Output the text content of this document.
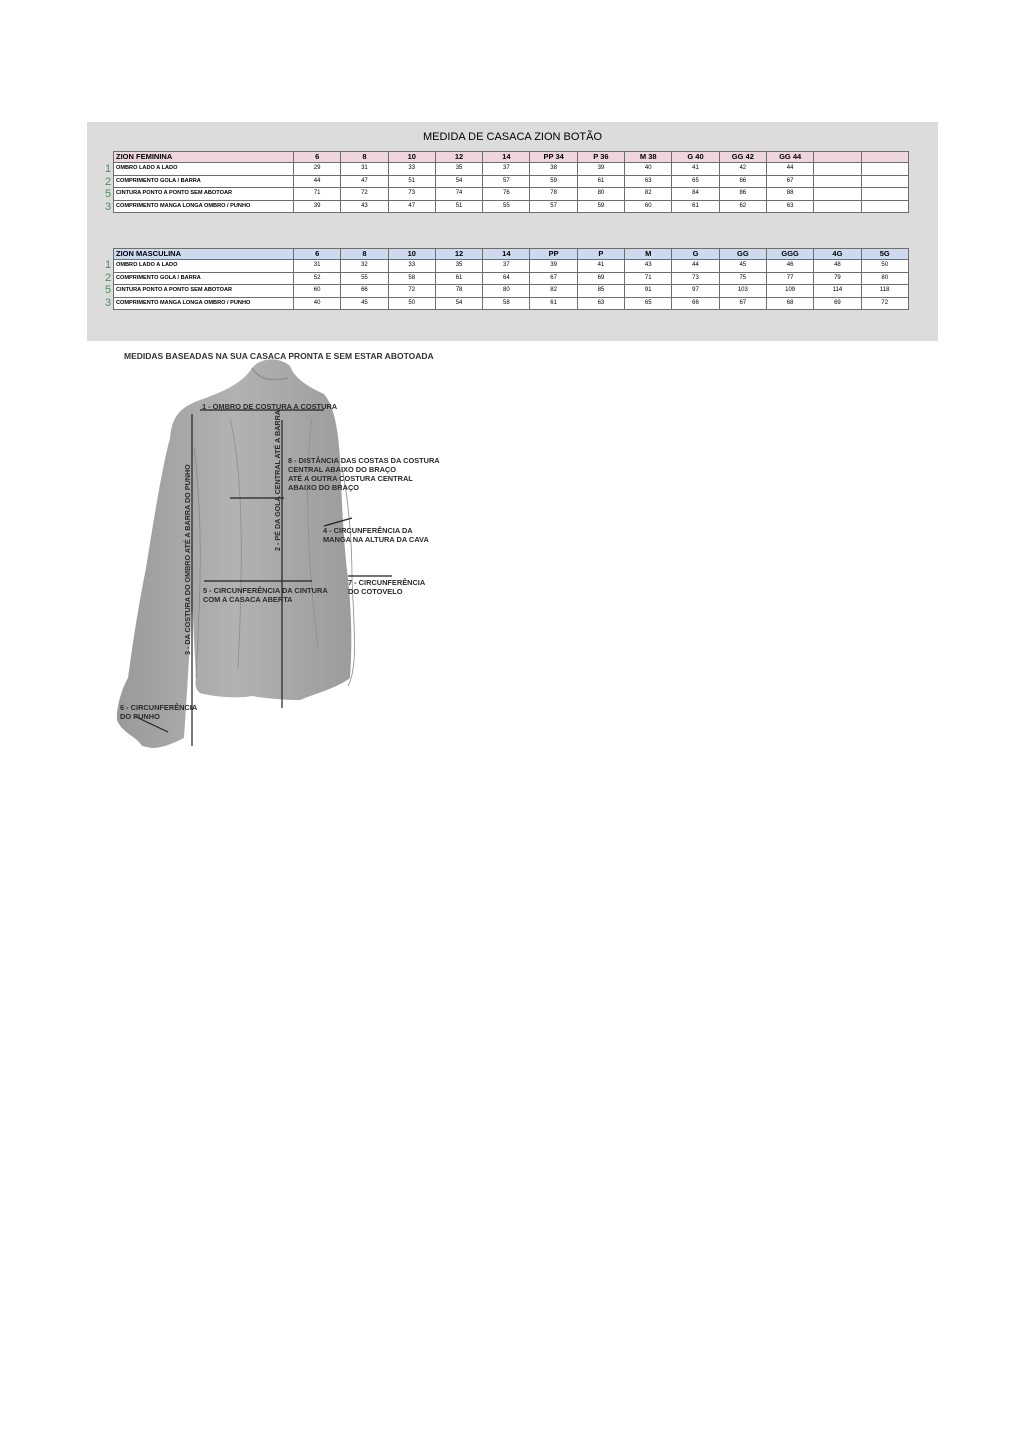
MEDIDA DE CASACA ZION BOTÃO
1
2
5
3
ZION FEMININA	6	8	10	12	14	PP 34	P 36	M 38	G 40	GG 42	GG 44		
OMBRO LADO A LADO	29	31	33	35	37	38	39	40	41	42	44		
COMPRIMENTO GOLA / BARRA	44	47	51	54	57	59	61	63	65	66	67		
CINTURA PONTO A PONTO SEM ABOTOAR	71	72	73	74	76	78	80	82	84	86	88		
COMPRIMENTO MANGA LONGA OMBRO / PUNHO	39	43	47	51	55	57	59	60	61	62	63		
1
2
5
3
ZION MASCULINA	6	8	10	12	14	PP	P	M	G	GG	GGG	4G	5G
OMBRO LADO A LADO	31	32	33	35	37	39	41	43	44	45	46	48	50
COMPRIMENTO GOLA / BARRA	52	55	58	61	64	67	69	71	73	75	77	79	80
CINTURA PONTO A PONTO SEM ABOTOAR	60	66	72	78	80	82	85	91	97	103	109	114	118
COMPRIMENTO MANGA LONGA OMBRO / PUNHO	40	45	50	54	58	61	63	65	66	67	68	69	72
MEDIDAS BASEADAS NA SUA CASACA PRONTA E SEM ESTAR ABOTOADA
1 - OMBRO DE COSTURA A COSTURA
2 - PÉ DA GOLA CENTRAL ATÉ A BARRA
3 - DA COSTURA DO OMBRO ATÉ A BARRA DO PUNHO
8 - DISTÂNCIA DAS COSTAS DA COSTURA
CENTRAL ABAIXO DO BRAÇO
ATÉ A OUTRA COSTURA CENTRAL
ABAIXO DO BRAÇO
4 - CIRCUNFERÊNCIA DA
MANGA NA ALTURA DA CAVA
7 - CIRCUNFERÊNCIA
DO COTOVELO
5 - CIRCUNFERÊNCIA DA CINTURA
COM A CASACA ABERTA
6 - CIRCUNFERÊNCIA
DO PUNHO
